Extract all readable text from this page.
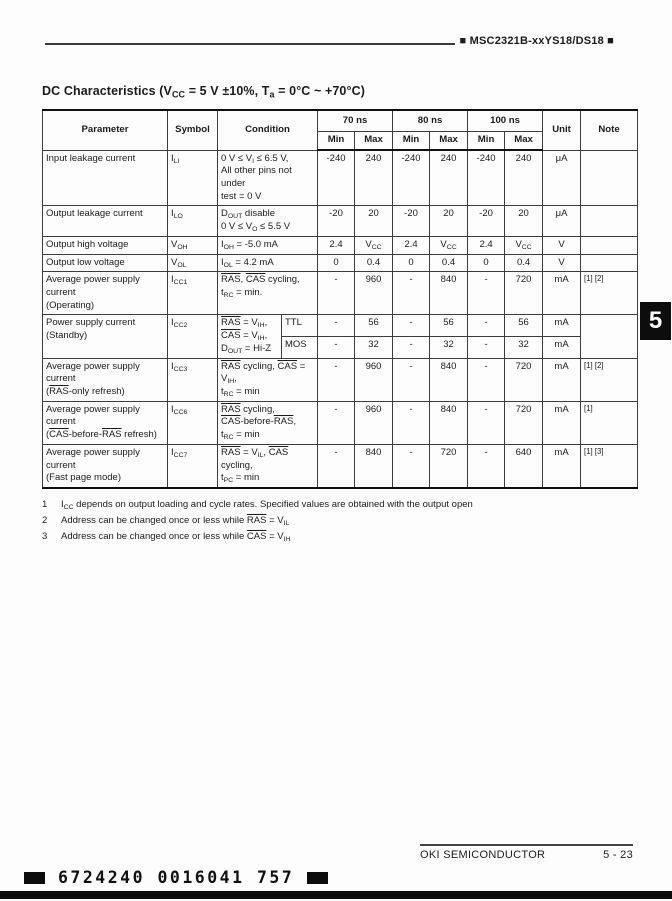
■ MSC2321B-xxYS18/DS18 ■
DC Characteristics ($V_{CC} = 5$ V ±10%, $T_a = 0^\circ C$ ~ +70°C)
Parameter	Symbol	Condition		70 ns		80 ns		100 ns		Unit	Note
				Min	Max	Min	Max	Min	Max		
Input leakage current	$I_{LI}$	0 $V \le V_I \le 6.5$ V,
All other pins not under
test = 0 V		-240	240	-240	240	-240	240	μA	
Output leakage current	$I_{LO}$	$D_{OUT}$ disable
0 $V \le V_O \le 5.5$ V		-20	20	-20	20	-20	20	μA	
Output high voltage	$V_{OH}$	$I_{OH} = -5.0$ mA		2.4	$V_{CC}$	2.4	$V_{CC}$	2.4	$V_{CC}$	V	
Output low voltage	$V_{OL}$	$I_{OL} = 4.2$ mA		0	0.4	0	0.4	0	0.4	V	
Average power supply current
(Operating)	$I_{CC1}$	$\overline{RAS}$, $\overline{CAS}$ cycling,
$t_{RC} = \min$.		-	960	-	840	-	720	mA	[1] [2]
Power supply current
(Standby)	$I_{CC2}$	$\overline{RAS} = V_{IH}$,
$\overline{CAS} = V_{IH}$,
$D_{OUT} = Hi-Z$	TTL	-	56	-	56	-	56	mA	
			MOS	-	32	-	32	-	32	mA	
Average power supply current
($\overline{RAS}$-only refresh)	$I_{CC3}$	$\overline{RAS}$ cycling, $\overline{CAS} = V_{IH}$,
$t_{RC} = \min$		-	960	-	840	-	720	mA	[1] [2]
Average power supply current
($\overline{CAS}-before-\overline{RAS}$ refresh)	$I_{CC6}$	$\overline{RAS}$ cycling,
$\overline{CAS}-before-\overline{RAS}$,
$t_{RC} = \min$		-	960	-	840	-	720	mA	[1]
Average power supply current
(Fast page mode)	$I_{CC7}$	$\overline{RAS} = V_{IL}$, $\overline{CAS}$ cycling,
$t_{PC} = \min$		-	840	-	720	-	640	mA	[1] [3]
1	$I_{CC}$ depends on output loading and cycle rates. Specified values are obtained with the output open
2	Address can be changed once or less while $\overline{RAS} = V_{IL}$
3	Address can be changed once or less while $\overline{CAS} = V_{IH}$
5
OKI SEMICONDUCTOR	5 - 23
6724240 0016041 757
